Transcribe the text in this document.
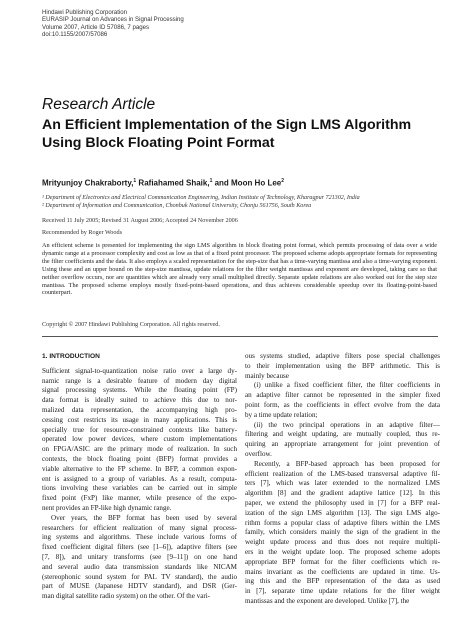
Hindawi Publishing Corporation
EURASIP Journal on Advances in Signal Processing
Volume 2007, Article ID 57086, 7 pages
doi:10.1155/2007/57086
Research Article
An Efficient Implementation of the Sign LMS Algorithm
Using Block Floating Point Format
Mrityunjoy Chakraborty,$^1$ Rafiahamed Shaik,$^1$ and Moon Ho Lee$^2$
¹ Department of Electronics and Electrical Communication Engineering, Indian Institute of Technology, Kharagpur 721302, India
² Department of Information and Communication, Chonbuk National University, Chonju 561756, South Korea
Received 11 July 2005; Revised 31 August 2006; Accepted 24 November 2006
Recommended by Roger Woods
An efficient scheme is presented for implementing the sign LMS algorithm in block floating point format, which permits processing of data over a wide dynamic range at a processor complexity and cost as low as that of a fixed point processor. The proposed scheme adopts appropriate formats for representing the filter coefficients and the data. It also employs a scaled representation for the step-size that has a time-varying mantissa and also a time-varying exponent. Using these and an upper bound on the step-size mantissa, update relations for the filter weight mantissas and exponent are developed, taking care so that neither overflow occurs, nor are quantities which are already very small multiplied directly. Separate update relations are also worked out for the step size mantissa. The proposed scheme employs mostly fixed-point-based operations, and thus achieves considerable speedup over its floating-point-based counterpart.
Copyright © 2007 Hindawi Publishing Corporation. All rights reserved.
1. INTRODUCTION
Sufficient signal-to-quantization noise ratio over a large dy-
namic range is a desirable feature of modern day digital
signal processing systems. While the floating point (FP)
data format is ideally suited to achieve this due to nor-
malized data representation, the accompanying high pro-
cessing cost restricts its usage in many applications. This is
specially true for resource-constrained contexts like battery-
operated low power devices, where custom implementations
on FPGA/ASIC are the primary mode of realization. In such
contexts, the block floating point (BFP) format provides a
viable alternative to the FP scheme. In BFP, a common expon-
ent is assigned to a group of variables. As a result, computa-
tions involving these variables can be carried out in simple
fixed point (FxP) like manner, while presence of the expo-
nent provides an FP-like high dynamic range.
Over years, the BFP format has been used by several
researchers for efficient realization of many signal process-
ing systems and algorithms. These include various forms of
fixed coefficient digital filters (see [1–6]), adaptive filters (see
[7, 8]), and unitary transforms (see [9–11]) on one hand
and several audio data transmission standards like NICAM
(stereophonic sound system for PAL TV standard), the audio
part of MUSE (Japanese HDTV standard), and DSR (Ger-
man digital satellite radio system) on the other. Of the vari-
ous systems studied, adaptive filters pose special challenges
to their implementation using the BFP arithmetic. This is
mainly because
(i) unlike a fixed coefficient filter, the filter coefficients in
an adaptive filter cannot be represented in the simpler fixed
point form, as the coefficients in effect evolve from the data
by a time update relation;
(ii) the two principal operations in an adaptive filter—
filtering and weight updating, are mutually coupled, thus re-
quiring an appropriate arrangement for joint prevention of
overflow.
Recently, a BFP-based approach has been proposed for
efficient realization of the LMS-based transversal adaptive fil-
ters [7], which was later extended to the normalized LMS
algorithm [8] and the gradient adaptive lattice [12]. In this
paper, we extend the philosophy used in [7] for a BFP real-
ization of the sign LMS algorithm [13]. The sign LMS algo-
rithm forms a popular class of adaptive filters within the LMS
family, which considers mainly the sign of the gradient in the
weight update process and thus does not require multipli-
ers in the weight update loop. The proposed scheme adopts
appropriate BFP format for the filter coefficients which re-
mains invariant as the coefficients are updated in time. Us-
ing this and the BFP representation of the data as used
in [7], separate time update relations for the filter weight
mantissas and the exponent are developed. Unlike [7], the
